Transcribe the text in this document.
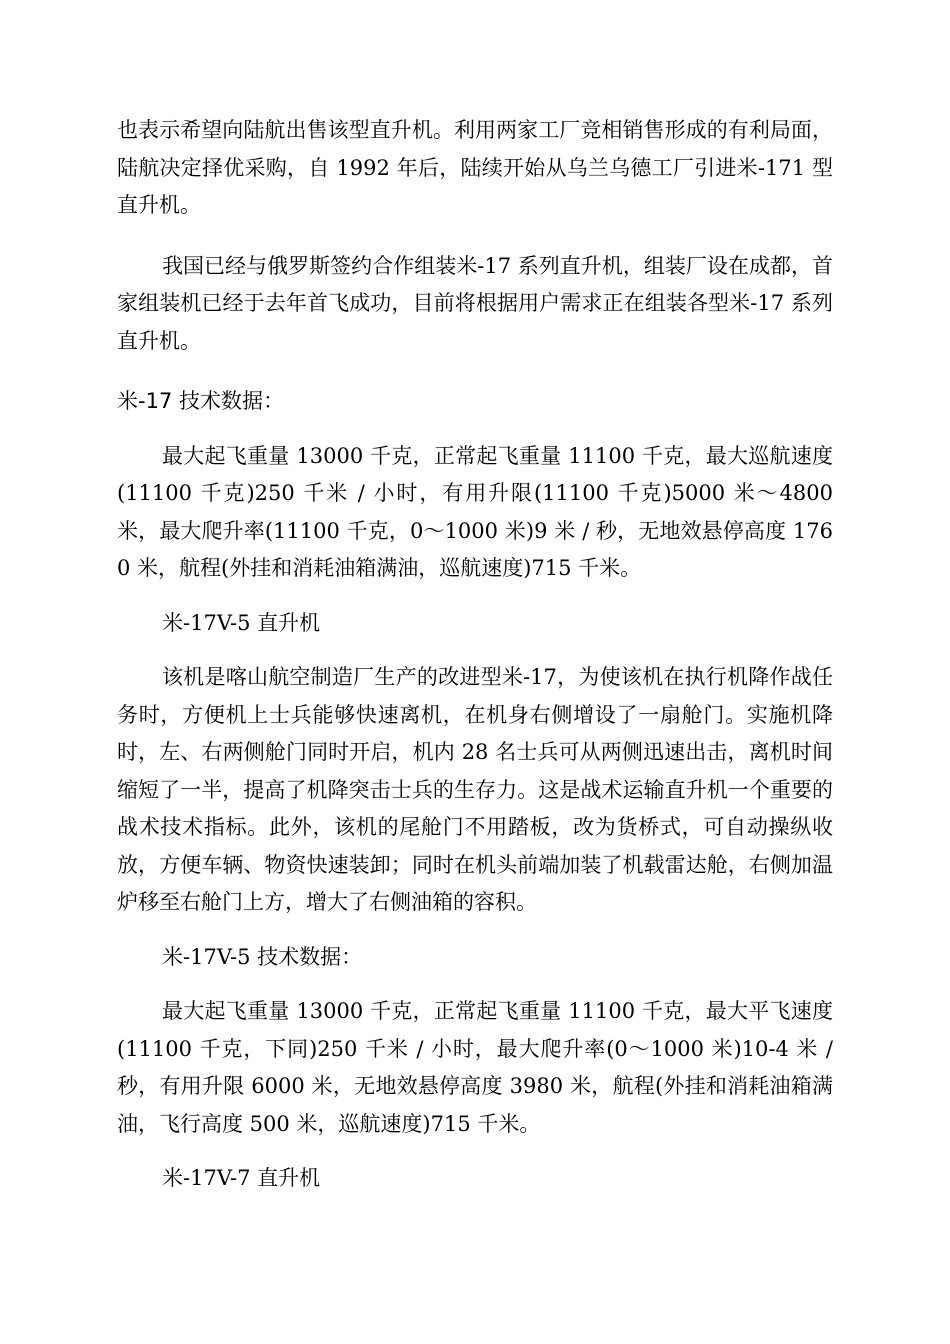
也表示希望向陆航出售该型直升机。利用两家工厂竞相销售形成的有利局面，陆航决定择优采购，自 1992 年后，陆续开始从乌兰乌德工厂引进米-171 型直升机。

我国已经与俄罗斯签约合作组装米-17 系列直升机，组装厂设在成都，首家组装机已经于去年首飞成功，目前将根据用户需求正在组装各型米-17 系列直升机。

米-17 技术数据：

最大起飞重量 13000 千克，正常起飞重量 11100 千克，最大巡航速度(11100 千克)250 千米 / 小时，有用升限(11100 千克)5000 米～4800 米，最大爬升率(11100 千克，0～1000 米)9 米 / 秒，无地效悬停高度 1760 米，航程(外挂和消耗油箱满油，巡航速度)715 千米。

米-17V-5 直升机

该机是喀山航空制造厂生产的改进型米-17，为使该机在执行机降作战任务时，方便机上士兵能够快速离机，在机身右侧增设了一扇舱门。实施机降时，左、右两侧舱门同时开启，机内 28 名士兵可从两侧迅速出击，离机时间缩短了一半，提高了机降突击士兵的生存力。这是战术运输直升机一个重要的战术技术指标。此外，该机的尾舱门不用踏板，改为货桥式，可自动操纵收放，方便车辆、物资快速装卸；同时在机头前端加装了机载雷达舱，右侧加温炉移至右舱门上方，增大了右侧油箱的容积。

米-17V-5 技术数据：

最大起飞重量 13000 千克，正常起飞重量 11100 千克，最大平飞速度(11100 千克，下同)250 千米 / 小时，最大爬升率(0～1000 米)10-4 米 / 秒，有用升限 6000 米，无地效悬停高度 3980 米，航程(外挂和消耗油箱满油，飞行高度 500 米，巡航速度)715 千米。

米-17V-7 直升机
